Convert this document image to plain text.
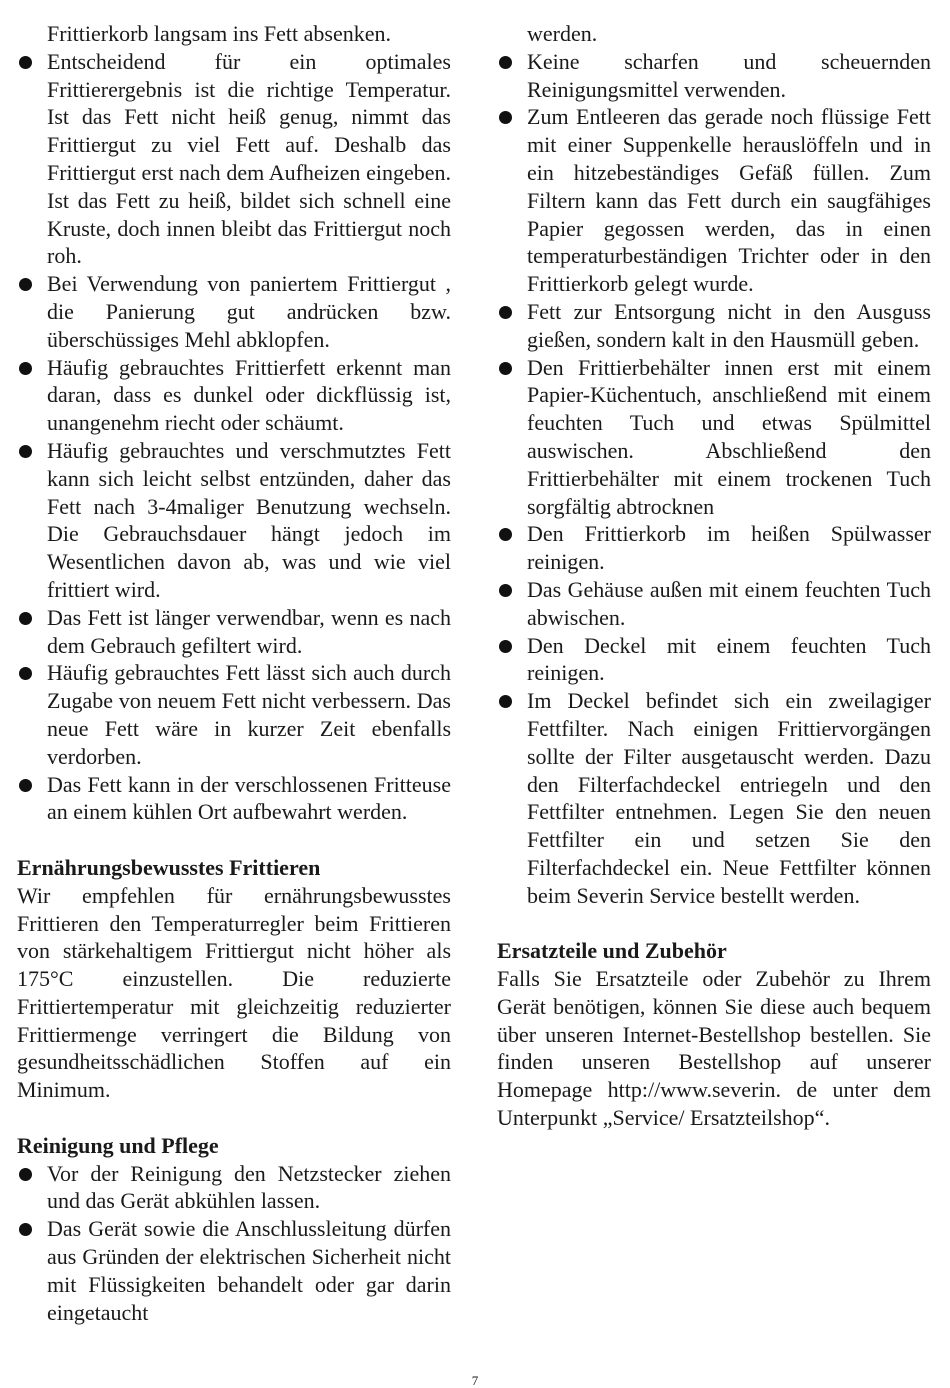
Frittierkorb langsam ins Fett absenken.

Entscheidend für ein optimales Frittierergebnis ist die richtige Temperatur. Ist das Fett nicht heiß genug, nimmt das Frittiergut zu viel Fett auf. Deshalb das Frittiergut erst nach dem Aufheizen eingeben. Ist das Fett zu heiß, bildet sich schnell eine Kruste, doch innen bleibt das Frittiergut noch roh.
Bei Verwendung von paniertem Frittiergut , die Panierung gut andrücken bzw. überschüssiges Mehl abklopfen.
Häufig gebrauchtes Frittierfett erkennt man daran, dass es dunkel oder dickflüssig ist, unangenehm riecht oder schäumt.
Häufig gebrauchtes und verschmutztes Fett kann sich leicht selbst entzünden, daher das Fett nach 3-4maliger Benutzung wechseln. Die Gebrauchsdauer hängt jedoch im Wesentlichen davon ab, was und wie viel frittiert wird.
Das Fett ist länger verwendbar, wenn es nach dem Gebrauch gefiltert wird.
Häufig gebrauchtes Fett lässt sich auch durch Zugabe von neuem Fett nicht verbessern. Das neue Fett wäre in kurzer Zeit ebenfalls verdorben.
Das Fett kann in der verschlossenen Fritteuse an einem kühlen Ort aufbewahrt werden.
Ernährungsbewusstes Frittieren

Wir empfehlen für ernährungsbewusstes Frittieren den Temperaturregler beim Frittieren von stärkehaltigem Frittiergut nicht höher als 175°C einzustellen. Die reduzierte Frittiertemperatur mit gleichzeitig reduzierter Frittiermenge verringert die Bildung von gesundheitsschädlichen Stoffen auf ein Minimum.

Reinigung und Pflege
Vor der Reinigung den Netzstecker ziehen und das Gerät abkühlen lassen.
Das Gerät sowie die Anschlussleitung dürfen aus Gründen der elektrischen Sicherheit nicht mit Flüssigkeiten behandelt oder gar darin eingetaucht

werden.

Keine scharfen und scheuernden Reinigungsmittel verwenden.
Zum Entleeren das gerade noch flüssige Fett mit einer Suppenkelle herauslöffeln und in ein hitzebeständiges Gefäß füllen. Zum Filtern kann das Fett durch ein saugfähiges Papier gegossen werden, das in einen temperaturbeständigen Trichter oder in den Frittierkorb gelegt wurde.
Fett zur Entsorgung nicht in den Ausguss gießen, sondern kalt in den Hausmüll geben.
Den Frittierbehälter innen erst mit einem Papier-Küchentuch, anschließend mit einem feuchten Tuch und etwas Spülmittel auswischen. Abschließend den Frittierbehälter mit einem trockenen Tuch sorgfältig abtrocknen
Den Frittierkorb im heißen Spülwasser reinigen.
Das Gehäuse außen mit einem feuchten Tuch abwischen.
Den Deckel mit einem feuchten Tuch reinigen.
Im Deckel befindet sich ein zweilagiger Fettfilter. Nach einigen Frittiervorgängen sollte der Filter ausgetauscht werden. Dazu den Filterfachdeckel entriegeln und den Fettfilter entnehmen. Legen Sie den neuen Fettfilter ein und setzen Sie den Filterfachdeckel ein. Neue Fettfilter können beim Severin Service bestellt werden.
Ersatzteile und Zubehör

Falls Sie Ersatzteile oder Zubehör zu Ihrem Gerät benötigen, können Sie diese auch bequem über unseren Internet-Bestellshop bestellen. Sie finden unseren Bestellshop auf unserer Homepage http://www.severin. de unter dem Unterpunkt „Service/ Ersatzteilshop“.

7
